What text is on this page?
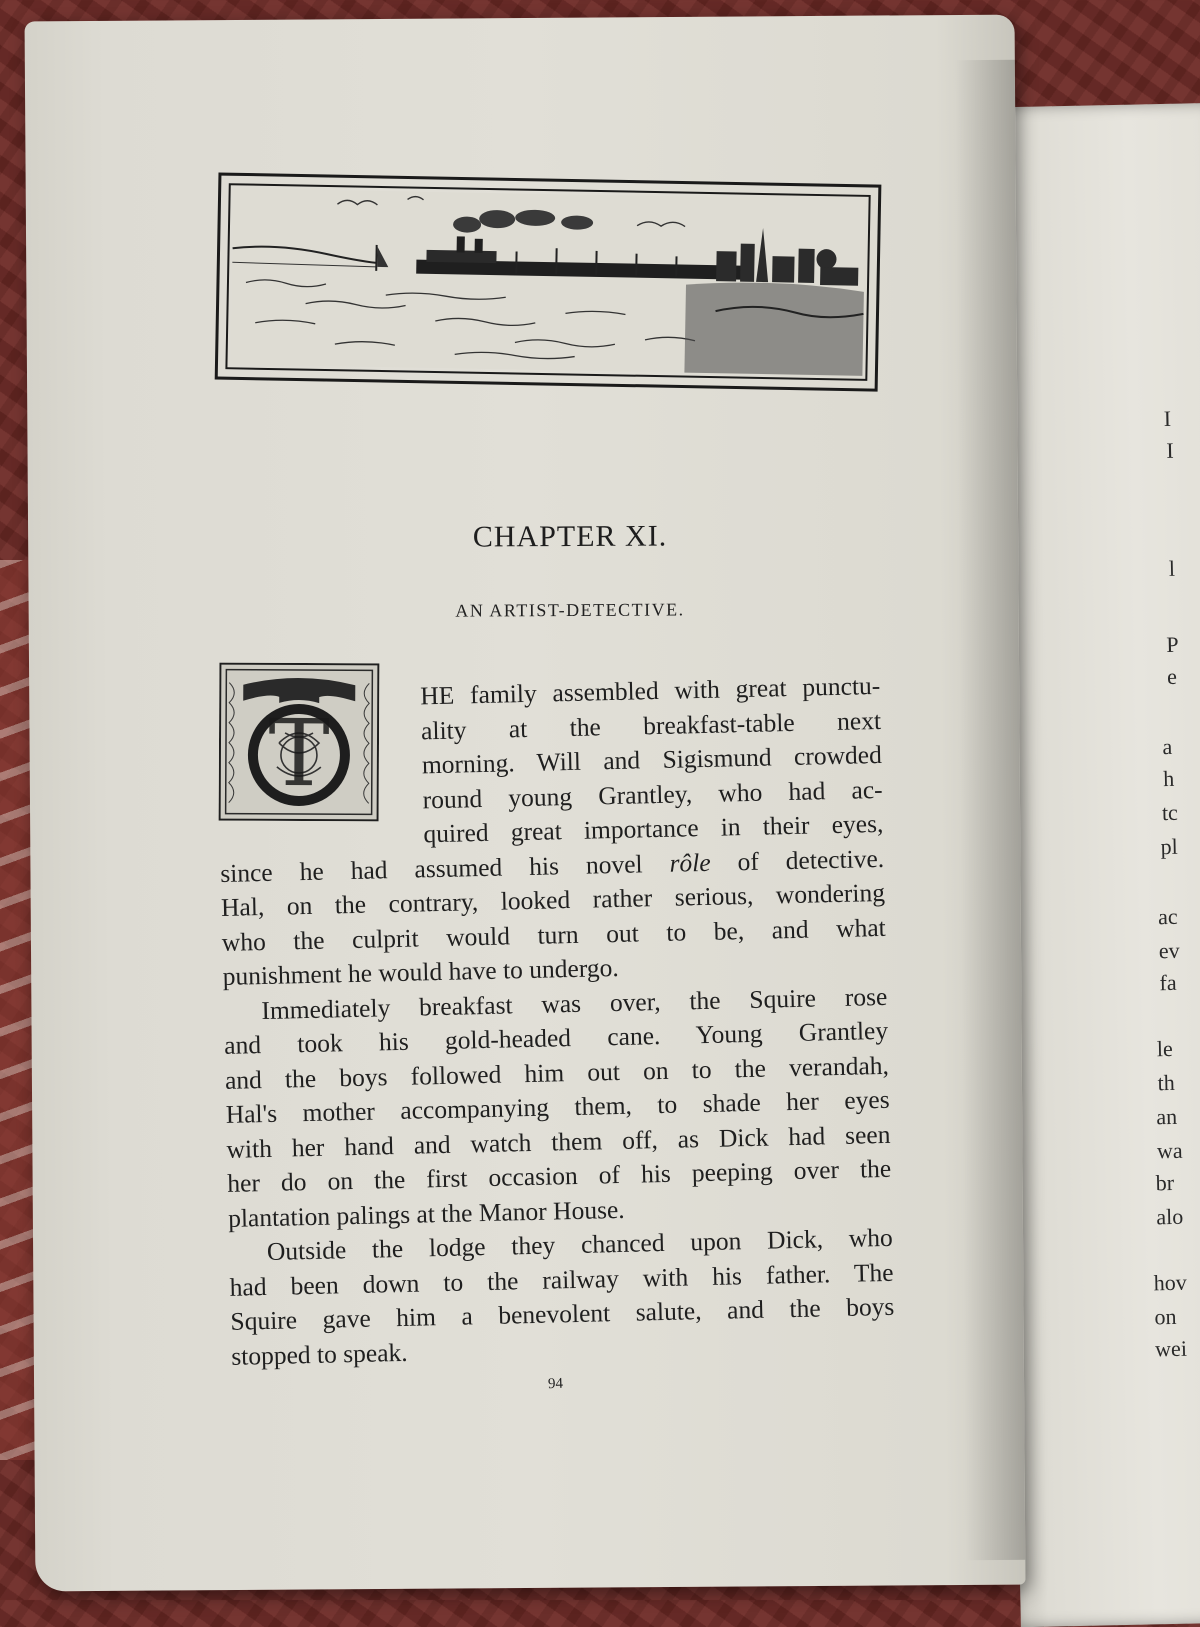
I
I
l
P
e
a
h
tc
pl
ac
ev
fa
le
th
an
wa
br
alo
hov
on
wei
CHAPTER XI.
AN ARTIST-DETECTIVE.
T
HE family assembled with great punctu-
ality at the breakfast-table next
morning. Will and Sigismund crowded
round young Grantley, who had ac-
quired great importance in their eyes,
since he had assumed his novel rôle of detective.
Hal, on the contrary, looked rather serious, wondering
who the culprit would turn out to be, and what
punishment he would have to undergo.
Immediately breakfast was over, the Squire rose
and took his gold-headed cane. Young Grantley
and the boys followed him out on to the verandah,
Hal's mother accompanying them, to shade her eyes
with her hand and watch them off, as Dick had seen
her do on the first occasion of his peeping over the
plantation palings at the Manor House.
Outside the lodge they chanced upon Dick, who
had been down to the railway with his father. The
Squire gave him a benevolent salute, and the boys
stopped to speak.
94
